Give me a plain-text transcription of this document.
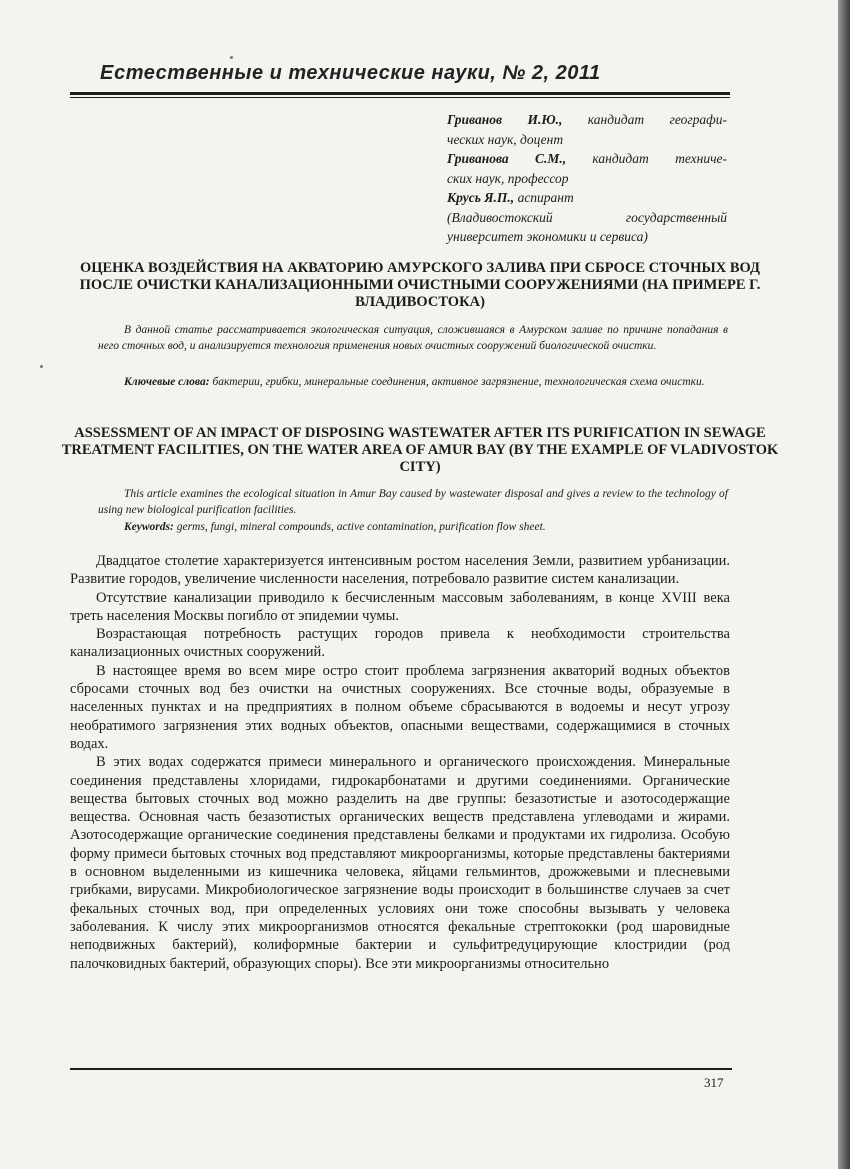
Естественные и технические науки, № 2, 2011
Гриванов И.Ю., кандидат географи-
ческих наук, доцент
Гриванова С.М., кандидат техниче-
ских наук, профессор
Крусь Я.П., аспирант
(Владивостокский государственный
университет экономики и сервиса)
ОЦЕНКА ВОЗДЕЙСТВИЯ НА АКВАТОРИЮ АМУРСКОГО ЗАЛИВА ПРИ СБРОСЕ СТОЧНЫХ ВОД ПОСЛЕ ОЧИСТКИ КАНАЛИЗАЦИОННЫМИ ОЧИСТНЫМИ СООРУЖЕНИЯМИ (НА ПРИМЕРЕ Г. ВЛАДИВОСТОКА)

В данной статье рассматривается экологическая ситуация, сложившаяся в Амурском заливе по причине попадания в него сточных вод, и анализируется технология применения новых очистных сооружений биологической очистки.

Ключевые слова: бактерии, грибки, минеральные соединения, активное загрязнение, технологическая схема очистки.

ASSESSMENT OF AN IMPACT OF DISPOSING WASTEWATER AFTER ITS PURIFICATION IN SEWAGE TREATMENT FACILITIES, ON THE WATER AREA OF AMUR BAY (BY THE EXAMPLE OF VLADIVOSTOK CITY)

This article examines the ecological situation in Amur Bay caused by wastewater disposal and gives a review to the technology of using new biological purification facilities.

Keywords: germs, fungi, mineral compounds, active contamination, purification flow sheet.

Двадцатое столетие характеризуется интенсивным ростом населения Земли, развитием урбанизации. Развитие городов, увеличение численности населения, потребовало развитие систем канализации.

Отсутствие канализации приводило к бесчисленным массовым заболеваниям, в конце XVIII века треть населения Москвы погибло от эпидемии чумы.

Возрастающая потребность растущих городов привела к необходимости строительства канализационных очистных сооружений.

В настоящее время во всем мире остро стоит проблема загрязнения акваторий водных объектов сбросами сточных вод без очистки на очистных сооружениях. Все сточные воды, образуемые в населенных пунктах и на предприятиях в полном объеме сбрасываются в водоемы и несут угрозу необратимого загрязнения этих водных объектов, опасными веществами, содержащимися в сточных водах.

В этих водах содержатся примеси минерального и органического происхождения. Минеральные соединения представлены хлоридами, гидрокарбонатами и другими соединениями. Органические вещества бытовых сточных вод можно разделить на две группы: безазотистые и азотосодержащие вещества. Основная часть безазотистых органических веществ представлена углеводами и жирами. Азотосодержащие органические соединения представлены белками и продуктами их гидролиза. Особую форму примеси бытовых сточных вод представляют микроорганизмы, которые представлены бактериями в основном выделенными из кишечника человека, яйцами гельминтов, дрожжевыми и плесневыми грибками, вирусами. Микробиологическое загрязнение воды происходит в большинстве случаев за счет фекальных сточных вод, при определенных условиях они тоже способны вызывать у человека заболевания. К числу этих микроорганизмов относятся фекальные стрептококки (род шаровидные неподвижных бактерий), колиформные бактерии и сульфитредуцирующие клостридии (род палочковидных бактерий, образующих споры). Все эти микроорганизмы относительно

317
